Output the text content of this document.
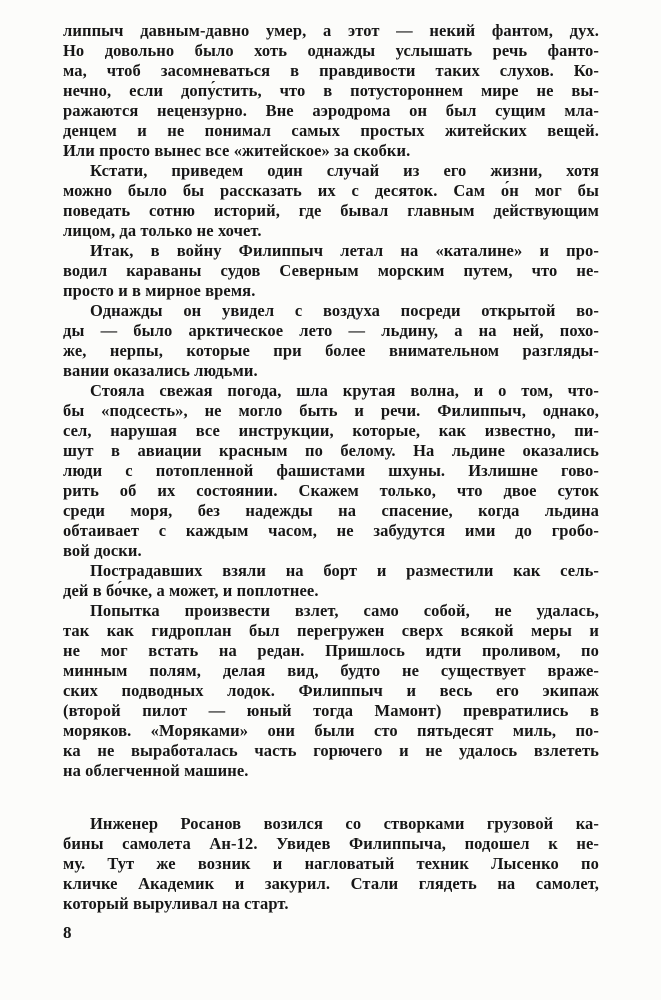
липпыч давным-давно умер, а этот — некий фантом, дух.
Но довольно было хоть однажды услышать речь фанто-
ма, чтоб засомневаться в правдивости таких слухов. Ко-
нечно, если допу́стить, что в потустороннем мире не вы-
ражаются нецензурно. Вне аэродрома он был сущим мла-
денцем и не понимал самых простых житейских вещей.
Или просто вынес все «житейское» за скобки.
Кстати, приведем один случай из его жизни, хотя
можно было бы рассказать их с десяток. Сам о́н мог бы
поведать сотню историй, где бывал главным действующим
лицом, да только не хочет.
Итак, в войну Филиппыч летал на «каталине» и про-
водил караваны судов Северным морским путем, что не-
просто и в мирное время.
Однажды он увидел с воздуха посреди открытой во-
ды — было арктическое лето — льдину, а на ней, похо-
же, нерпы, которые при более внимательном разгляды-
вании оказались людьми.
Стояла свежая погода, шла крутая волна, и о том, что-
бы «подсесть», не могло быть и речи. Филиппыч, однако,
сел, нарушая все инструкции, которые, как известно, пи-
шут в авиации красным по белому. На льдине оказались
люди с потопленной фашистами шхуны. Излишне гово-
рить об их состоянии. Скажем только, что двое суток
среди моря, без надежды на спасение, когда льдина
обтаивает с каждым часом, не забудутся ими до гробо-
вой доски.
Пострадавших взяли на борт и разместили как сель-
дей в бо́чке, а может, и поплотнее.
Попытка произвести взлет, само собой, не удалась,
так как гидроплан был перегружен сверх всякой меры и
не мог встать на редан. Пришлось идти проливом, по
минным полям, делая вид, будто не существует враже-
ских подводных лодок. Филиппыч и весь его экипаж
(второй пилот — юный тогда Мамонт) превратились в
моряков. «Моряками» они были сто пятьдесят миль, по-
ка не выработалась часть горючего и не удалось взлететь
на облегченной машине.
Инженер Росанов возился со створками грузовой ка-
бины самолета Ан-12. Увидев Филиппыча, подошел к не-
му. Тут же возник и нагловатый техник Лысенко по
кличке Академик и закурил. Стали глядеть на самолет,
который выруливал на старт.
8
